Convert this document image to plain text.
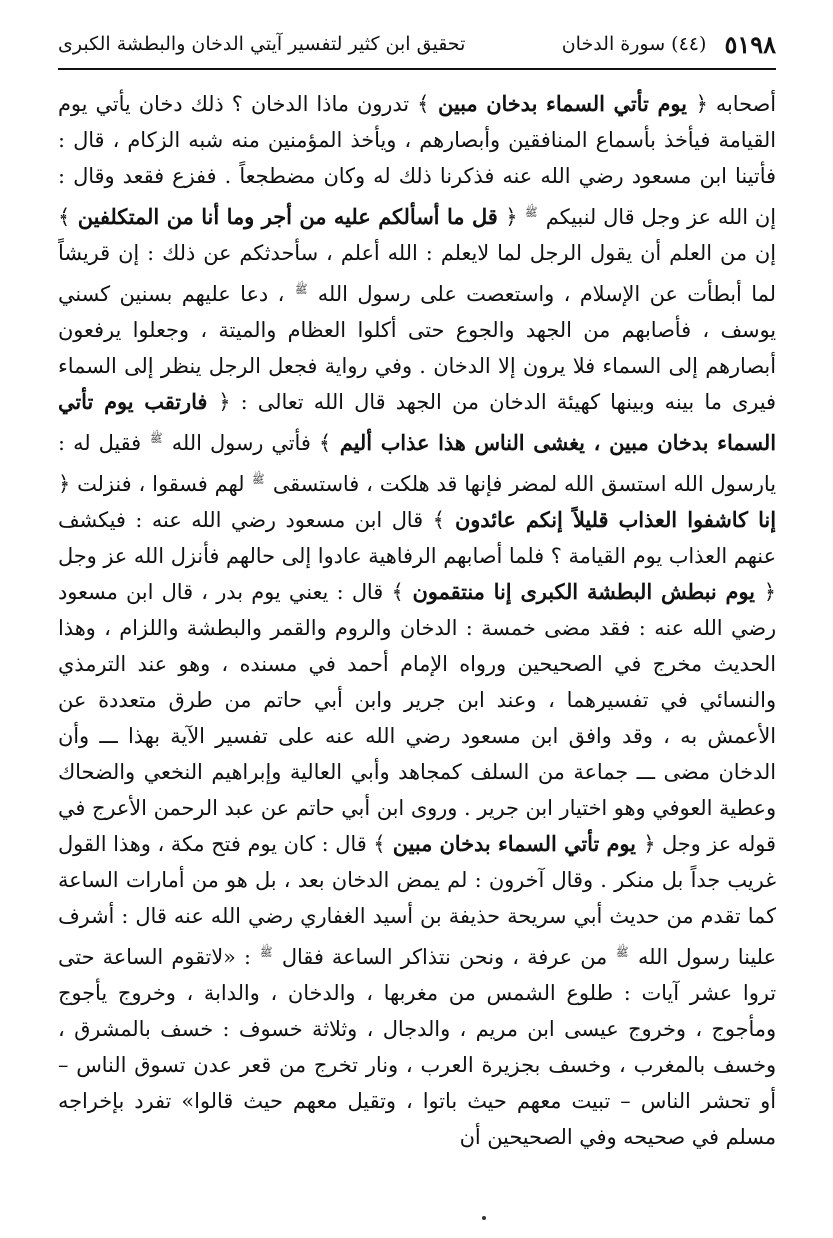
٥١٩٨
(٤٤) سورة الدخان
تحقيق ابن كثير لتفسير آيتي الدخان والبطشة الكبرى
أصحابه ﴿ يوم تأتي السماء بدخان مبين ﴾ تدرون ماذا الدخان ؟ ذلك دخان يأتي يوم القيامة فيأخذ بأسماع المنافقين وأبصارهم ، ويأخذ المؤمنين منه شبه الزكام ، قال : فأتينا ابن مسعود رضي الله عنه فذكرنا ذلك له وكان مضطجعاً . ففزع فقعد وقال : إن الله عز وجل قال لنبيكم ﷺ ﴿ قل ما أسألكم عليه من أجر وما أنا من المتكلفين ﴾ إن من العلم أن يقول الرجل لما لايعلم : الله أعلم ، سأحدثكم عن ذلك : إن قريشاً لما أبطأت عن الإسلام ، واستعصت على رسول الله ﷺ ، دعا عليهم بسنين كسني يوسف ، فأصابهم من الجهد والجوع حتى أكلوا العظام والميتة ، وجعلوا يرفعون أبصارهم إلى السماء فلا يرون إلا الدخان . وفي رواية فجعل الرجل ينظر إلى السماء فيرى ما بينه وبينها كهيئة الدخان من الجهد قال الله تعالى : ﴿ فارتقب يوم تأتي السماء بدخان مبين ، يغشى الناس هذا عذاب أليم ﴾ فأتي رسول الله ﷺ فقيل له : يارسول الله استسق الله لمضر فإنها قد هلكت ، فاستسقى ﷺ لهم فسقوا ، فنزلت ﴿ إنا كاشفوا العذاب قليلاً إنكم عائدون ﴾ قال ابن مسعود رضي الله عنه : فيكشف عنهم العذاب يوم القيامة ؟ فلما أصابهم الرفاهية عادوا إلى حالهم فأنزل الله عز وجل ﴿ يوم نبطش البطشة الكبرى إنا منتقمون ﴾ قال : يعني يوم بدر ، قال ابن مسعود رضي الله عنه : فقد مضى خمسة : الدخان والروم والقمر والبطشة واللزام ، وهذا الحديث مخرج في الصحيحين ورواه الإمام أحمد في مسنده ، وهو عند الترمذي والنسائي في تفسيرهما ، وعند ابن جرير وابن أبي حاتم من طرق متعددة عن الأعمش به ، وقد وافق ابن مسعود رضي الله عنه على تفسير الآية بهذا ـــ وأن الدخان مضى ـــ جماعة من السلف كمجاهد وأبي العالية وإبراهيم النخعي والضحاك وعطية العوفي وهو اختيار ابن جرير . وروى ابن أبي حاتم عن عبد الرحمن الأعرج في قوله عز وجل ﴿ يوم تأتي السماء بدخان مبين ﴾ قال : كان يوم فتح مكة ، وهذا القول غريب جداً بل منكر . وقال آخرون : لم يمض الدخان بعد ، بل هو من أمارات الساعة كما تقدم من حديث أبي سريحة حذيفة بن أسيد الغفاري رضي الله عنه قال : أشرف علينا رسول الله ﷺ من عرفة ، ونحن نتذاكر الساعة فقال ﷺ : «لاتقوم الساعة حتى تروا عشر آيات : طلوع الشمس من مغربها ، والدخان ، والدابة ، وخروج يأجوج ومأجوج ، وخروج عيسى ابن مريم ، والدجال ، وثلاثة خسوف : خسف بالمشرق ، وخسف بالمغرب ، وخسف بجزيرة العرب ، ونار تخرج من قعر عدن تسوق الناس – أو تحشر الناس – تبيت معهم حيث باتوا ، وتقيل معهم حيث قالوا» تفرد بإخراجه مسلم في صحيحه وفي الصحيحين أن
